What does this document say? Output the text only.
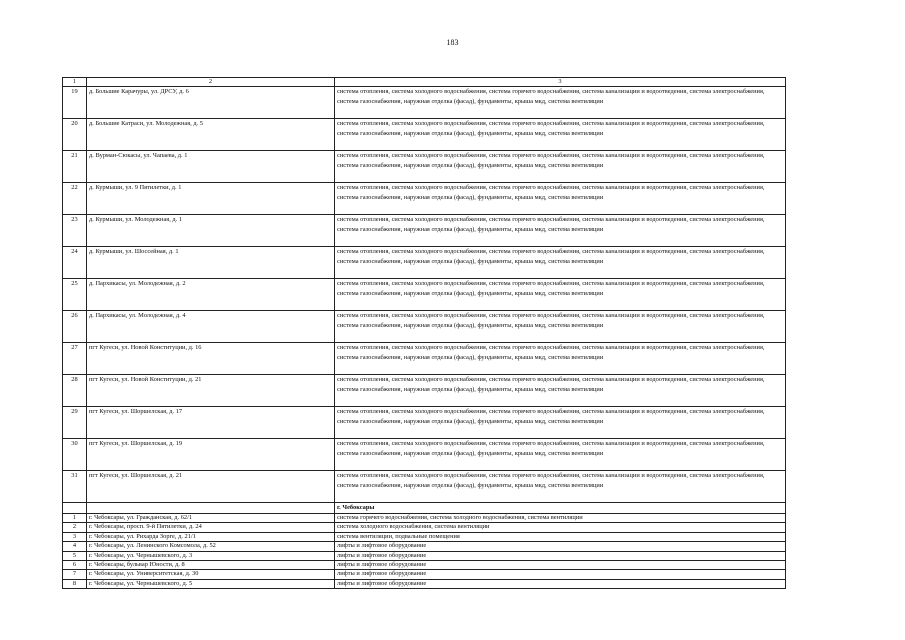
183
1	2	3
19	д. Большие Карачуры, ул. ДРСУ, д. 6	система отопления, система холодного водоснабжения, система горячего водоснабжения, система канализации и водоотведения, система электроснабжения, система газоснабжения, наружная отделка (фасад), фундаменты, крыша мкд, система вентиляции
20	д. Большие Катраси, ул. Молодежная, д. 5	система отопления, система холодного водоснабжения, система горячего водоснабжения, система канализации и водоотведения, система электроснабжения, система газоснабжения, наружная отделка (фасад), фундаменты, крыша мкд, система вентиляции
21	д. Вурман-Сюкасы, ул. Чапаева, д. 1	система отопления, система холодного водоснабжения, система горячего водоснабжения, система канализации и водоотведения, система электроснабжения, система газоснабжения, наружная отделка (фасад), фундаменты, крыша мкд, система вентиляции
22	д. Курмыши, ул. 9 Пятилетки, д. 1	система отопления, система холодного водоснабжения, система горячего водоснабжения, система канализации и водоотведения, система электроснабжения, система газоснабжения, наружная отделка (фасад), фундаменты, крыша мкд, система вентиляции
23	д. Курмыши, ул. Молодежная, д. 1	система отопления, система холодного водоснабжения, система горячего водоснабжения, система канализации и водоотведения, система электроснабжения, система газоснабжения, наружная отделка (фасад), фундаменты, крыша мкд, система вентиляции
24	д. Курмыши, ул. Шоссейная, д. 1	система отопления, система холодного водоснабжения, система горячего водоснабжения, система канализации и водоотведения, система электроснабжения, система газоснабжения, наружная отделка (фасад), фундаменты, крыша мкд, система вентиляции
25	д. Пархикасы, ул. Молодежная, д. 2	система отопления, система холодного водоснабжения, система горячего водоснабжения, система канализации и водоотведения, система электроснабжения, система газоснабжения, наружная отделка (фасад), фундаменты, крыша мкд, система вентиляции
26	д. Пархикасы, ул. Молодежная, д. 4	система отопления, система холодного водоснабжения, система горячего водоснабжения, система канализации и водоотведения, система электроснабжения, система газоснабжения, наружная отделка (фасад), фундаменты, крыша мкд, система вентиляции
27	пгт Кугеси, ул. Новой Конституции, д. 16	система отопления, система холодного водоснабжения, система горячего водоснабжения, система канализации и водоотведения, система электроснабжения, система газоснабжения, наружная отделка (фасад), фундаменты, крыша мкд, система вентиляции
28	пгт Кугеси, ул. Новой Конституции, д. 21	система отопления, система холодного водоснабжения, система горячего водоснабжения, система канализации и водоотведения, система электроснабжения, система газоснабжения, наружная отделка (фасад), фундаменты, крыша мкд, система вентиляции
29	пгт Кугеси, ул. Шоршелская, д. 17	система отопления, система холодного водоснабжения, система горячего водоснабжения, система канализации и водоотведения, система электроснабжения, система газоснабжения, наружная отделка (фасад), фундаменты, крыша мкд, система вентиляции
30	пгт Кугеси, ул. Шоршелская, д. 19	система отопления, система холодного водоснабжения, система горячего водоснабжения, система канализации и водоотведения, система электроснабжения, система газоснабжения, наружная отделка (фасад), фундаменты, крыша мкд, система вентиляции
31	пгт Кугеси, ул. Шоршелская, д. 21	система отопления, система холодного водоснабжения, система горячего водоснабжения, система канализации и водоотведения, система электроснабжения, система газоснабжения, наружная отделка (фасад), фундаменты, крыша мкд, система вентиляции
		г. Чебоксары
1	г. Чебоксары, ул. Гражданская, д. 62/1	система горячего водоснабжения, система холодного водоснабжения, система вентиляции
2	г. Чебоксары, просп. 9-й Пятилетки, д. 24	система холодного водоснабжения, система вентиляции
3	г. Чебоксары, ул. Рихарда Зорге, д. 21/1	система вентиляции, подвальные помещения
4	г. Чебоксары, ул. Ленинского Комсомола, д. 52	лифты и лифтовое оборудование
5	г. Чебоксары, ул. Чернышевского, д. 3	лифты и лифтовое оборудование
6	г. Чебоксары, бульвар Юности, д. 8	лифты и лифтовое оборудование
7	г. Чебоксары, ул. Университетская, д. 30	лифты и лифтовое оборудование
8	г. Чебоксары, ул. Чернышевского, д. 5	лифты и лифтовое оборудование
